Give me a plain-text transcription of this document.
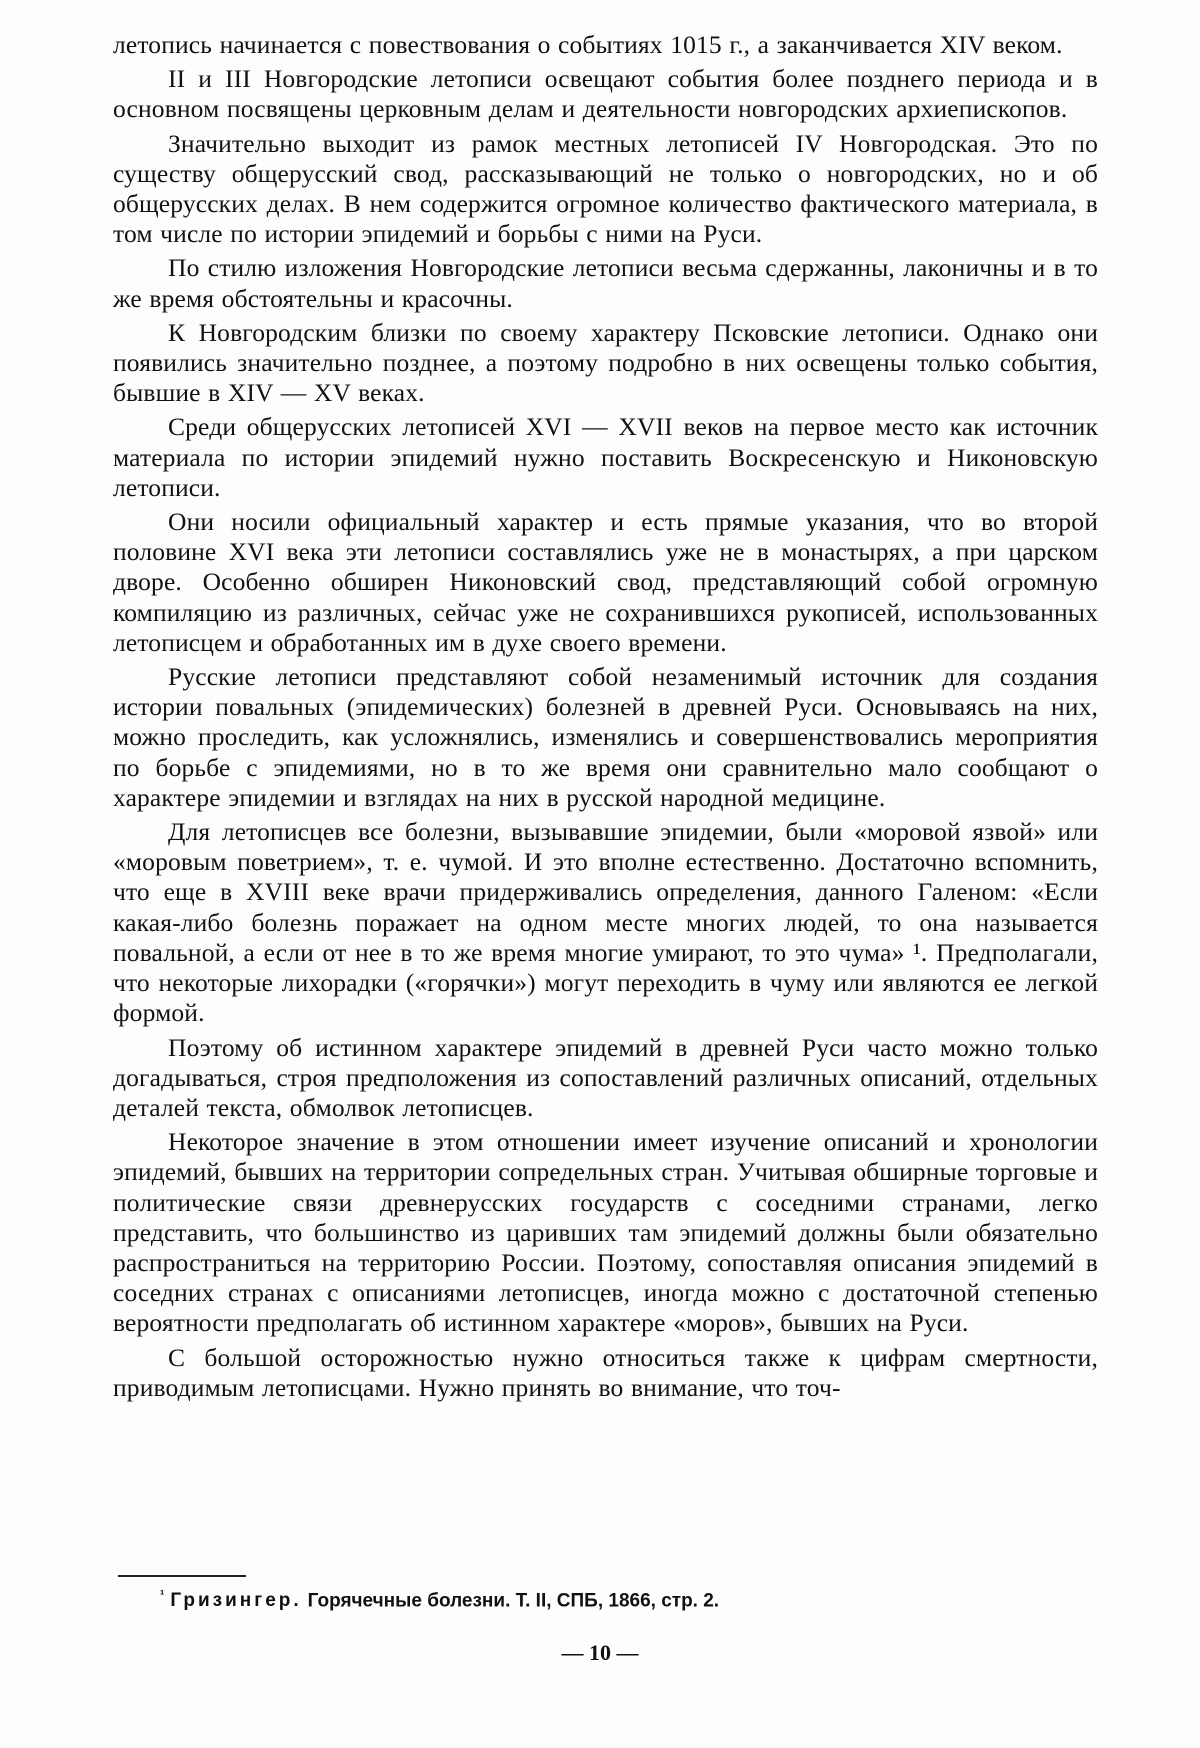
летопись начинается с повествования о событиях 1015 г., а заканчивается XIV веком.

II и III Новгородские летописи освещают события более позднего периода и в основном посвящены церковным делам и деятельности новгородских архиепископов.

Значительно выходит из рамок местных летописей IV Новгородская. Это по существу общерусский свод, рассказывающий не только о новгородских, но и об общерусских делах. В нем содержится огромное количество фактического материала, в том числе по истории эпидемий и борьбы с ними на Руси.

По стилю изложения Новгородские летописи весьма сдержанны, лаконичны и в то же время обстоятельны и красочны.

К Новгородским близки по своему характеру Псковские летописи. Однако они появились значительно позднее, а поэтому подробно в них освещены только события, бывшие в XIV — XV веках.

Среди общерусских летописей XVI — XVII веков на первое место как источник материала по истории эпидемий нужно поставить Воскресенскую и Никоновскую летописи.

Они носили официальный характер и есть прямые указания, что во второй половине XVI века эти летописи составлялись уже не в монастырях, а при царском дворе. Особенно обширен Никоновский свод, представляющий собой огромную компиляцию из различных, сейчас уже не сохранившихся рукописей, использованных летописцем и обработанных им в духе своего времени.

Русские летописи представляют собой незаменимый источник для создания истории повальных (эпидемических) болезней в древней Руси. Основываясь на них, можно проследить, как усложнялись, изменялись и совершенствовались мероприятия по борьбе с эпидемиями, но в то же время они сравнительно мало сообщают о характере эпидемии и взглядах на них в русской народной медицине.

Для летописцев все болезни, вызывавшие эпидемии, были «моровой язвой» или «моровым поветрием», т. е. чумой. И это вполне естественно. Достаточно вспомнить, что еще в XVIII веке врачи придерживались определения, данного Галеном: «Если какая-либо болезнь поражает на одном месте многих людей, то она называется повальной, а если от нее в то же время многие умирают, то это чума» ¹. Предполагали, что некоторые лихорадки («горячки») могут переходить в чуму или являются ее легкой формой.

Поэтому об истинном характере эпидемий в древней Руси часто можно только догадываться, строя предположения из сопоставлений различных описаний, отдельных деталей текста, обмолвок летописцев.

Некоторое значение в этом отношении имеет изучение описаний и хронологии эпидемий, бывших на территории сопредельных стран. Учитывая обширные торговые и политические связи древнерусских государств с соседними странами, легко представить, что большинство из царивших там эпидемий должны были обязательно распространиться на территорию России. Поэтому, сопоставляя описания эпидемий в соседних странах с описаниями летописцев, иногда можно с достаточной степенью вероятности предполагать об истинном характере «моров», бывших на Руси.

С большой осторожностью нужно относиться также к цифрам смертности, приводимым летописцами. Нужно принять во внимание, что точ-

$^{^1}$ Гризингер. Горячечные болезни. Т. II, СПБ, 1866, стр. 2.
— 10 —
